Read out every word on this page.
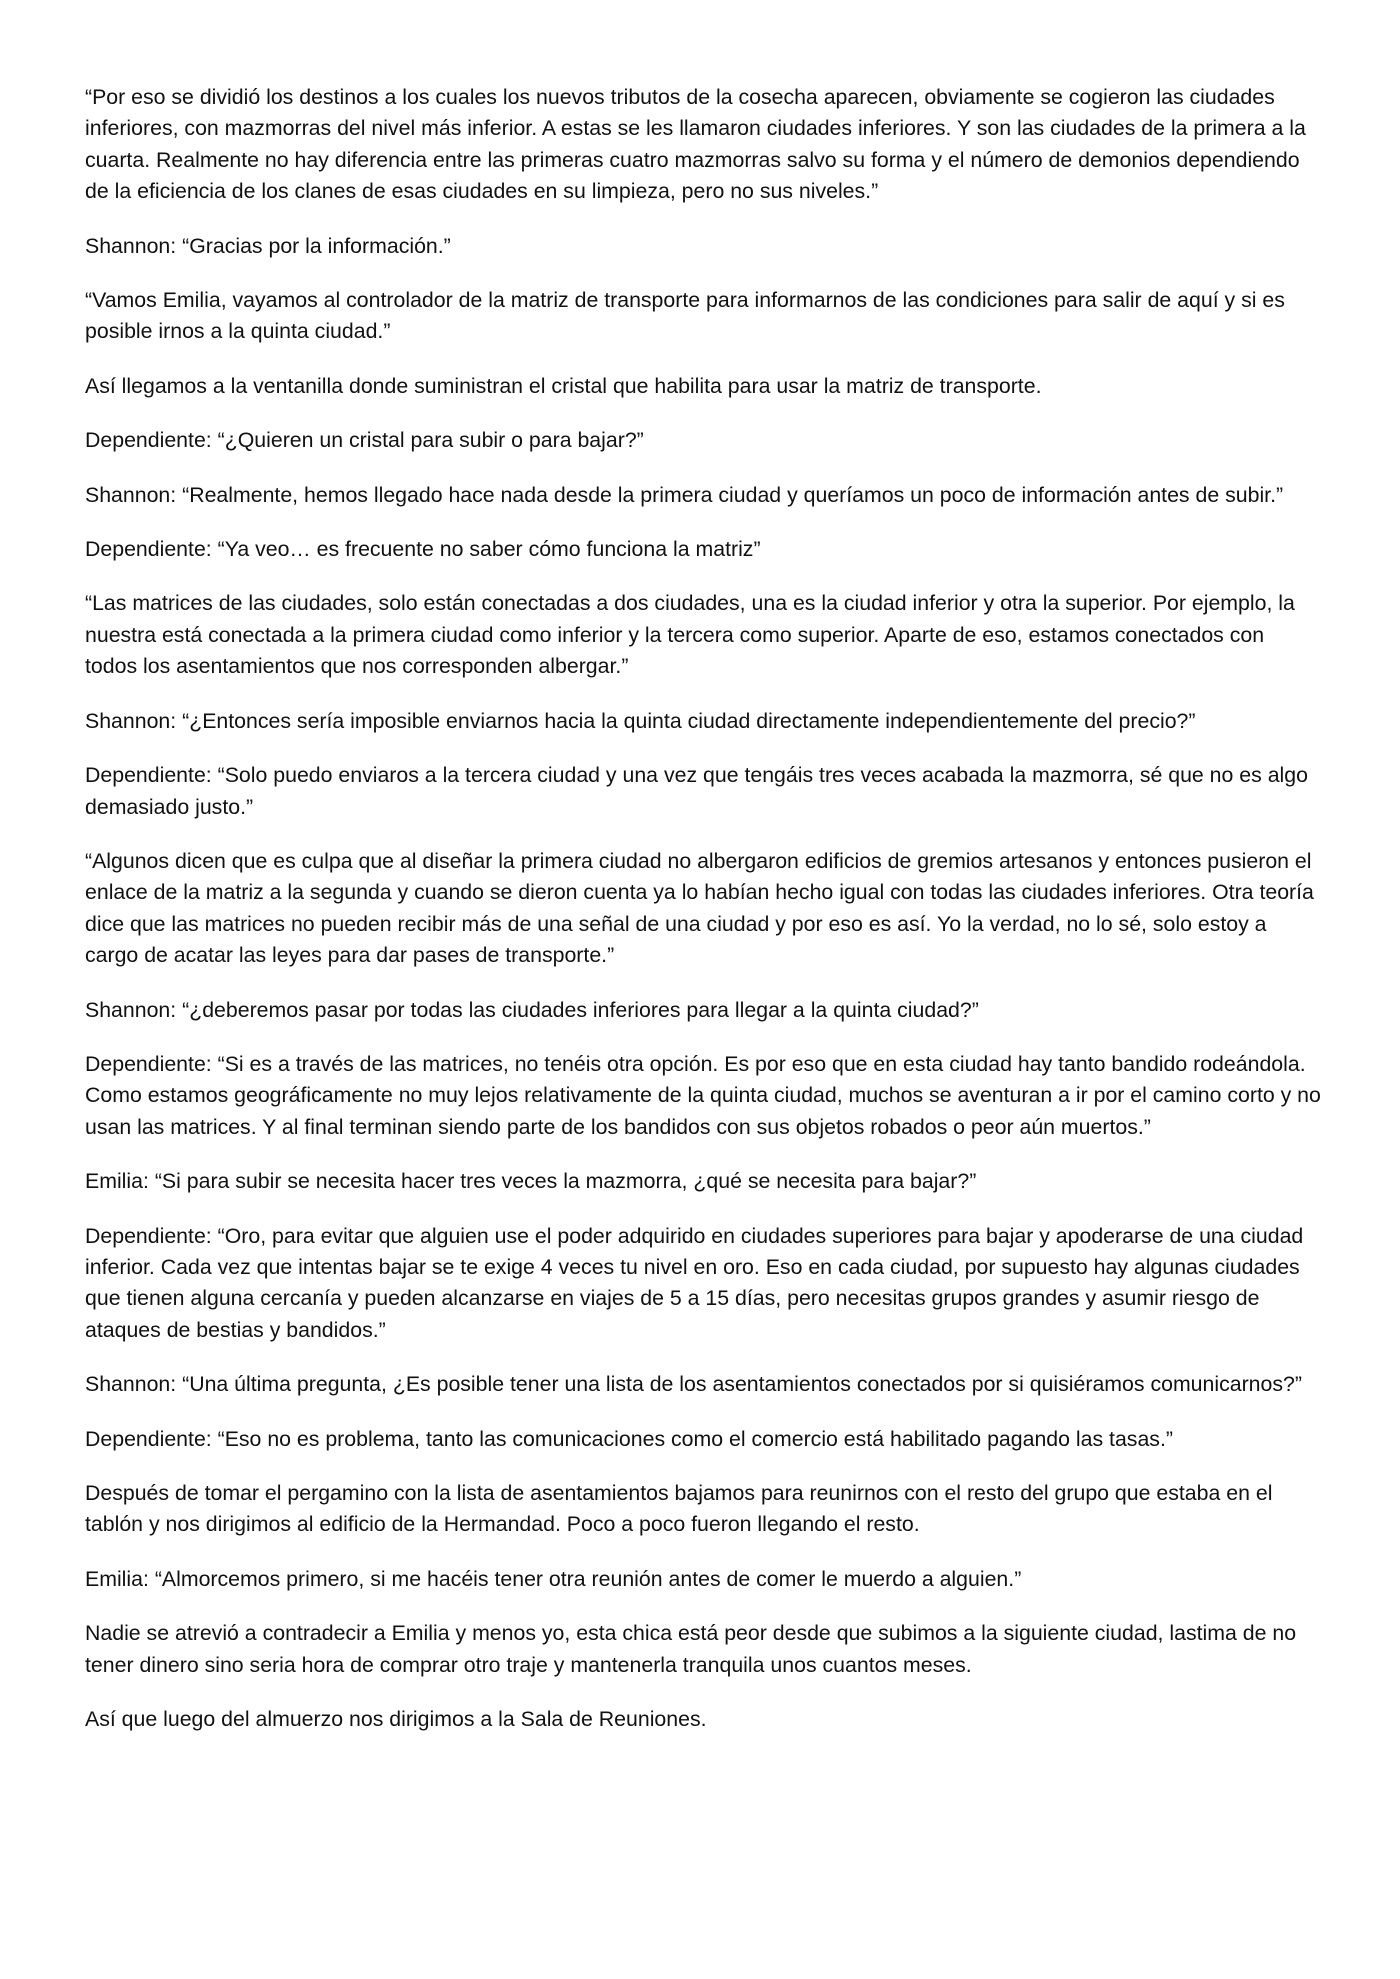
“Por eso se dividió los destinos a los cuales los nuevos tributos de la cosecha aparecen, obviamente se cogieron las ciudades inferiores, con mazmorras del nivel más inferior. A estas se les llamaron ciudades inferiores. Y son las ciudades de la primera a la cuarta. Realmente no hay diferencia entre las primeras cuatro mazmorras salvo su forma y el número de demonios dependiendo de la eficiencia de los clanes de esas ciudades en su limpieza, pero no sus niveles.”

Shannon: “Gracias por la información.”

“Vamos Emilia, vayamos al controlador de la matriz de transporte para informarnos de las condiciones para salir de aquí y si es posible irnos a la quinta ciudad.”

Así llegamos a la ventanilla donde suministran el cristal que habilita para usar la matriz de transporte.

Dependiente: “¿Quieren un cristal para subir o para bajar?”

Shannon: “Realmente, hemos llegado hace nada desde la primera ciudad y queríamos un poco de información antes de subir.”

Dependiente: “Ya veo… es frecuente no saber cómo funciona la matriz”

“Las matrices de las ciudades, solo están conectadas a dos ciudades, una es la ciudad inferior y otra la superior. Por ejemplo, la nuestra está conectada a la primera ciudad como inferior y la tercera como superior. Aparte de eso, estamos conectados con todos los asentamientos que nos corresponden albergar.”

Shannon: “¿Entonces sería imposible enviarnos hacia la quinta ciudad directamente independientemente del precio?”

Dependiente: “Solo puedo enviaros a la tercera ciudad y una vez que tengáis tres veces acabada la mazmorra, sé que no es algo demasiado justo.”

“Algunos dicen que es culpa que al diseñar la primera ciudad no albergaron edificios de gremios artesanos y entonces pusieron el enlace de la matriz a la segunda y cuando se dieron cuenta ya lo habían hecho igual con todas las ciudades inferiores. Otra teoría dice que las matrices no pueden recibir más de una señal de una ciudad y por eso es así. Yo la verdad, no lo sé, solo estoy a cargo de acatar las leyes para dar pases de transporte.”

Shannon: “¿deberemos pasar por todas las ciudades inferiores para llegar a la quinta ciudad?”

Dependiente: “Si es a través de las matrices, no tenéis otra opción. Es por eso que en esta ciudad hay tanto bandido rodeándola. Como estamos geográficamente no muy lejos relativamente de la quinta ciudad, muchos se aventuran a ir por el camino corto y no usan las matrices. Y al final terminan siendo parte de los bandidos con sus objetos robados o peor aún muertos.”

Emilia: “Si para subir se necesita hacer tres veces la mazmorra, ¿qué se necesita para bajar?”

Dependiente: “Oro, para evitar que alguien use el poder adquirido en ciudades superiores para bajar y apoderarse de una ciudad inferior. Cada vez que intentas bajar se te exige 4 veces tu nivel en oro. Eso en cada ciudad, por supuesto hay algunas ciudades que tienen alguna cercanía y pueden alcanzarse en viajes de 5 a 15 días, pero necesitas grupos grandes y asumir riesgo de ataques de bestias y bandidos.”

Shannon: “Una última pregunta, ¿Es posible tener una lista de los asentamientos conectados por si quisiéramos comunicarnos?”

Dependiente: “Eso no es problema, tanto las comunicaciones como el comercio está habilitado pagando las tasas.”

Después de tomar el pergamino con la lista de asentamientos bajamos para reunirnos con el resto del grupo que estaba en el tablón y nos dirigimos al edificio de la Hermandad. Poco a poco fueron llegando el resto.

Emilia: “Almorcemos primero, si me hacéis tener otra reunión antes de comer le muerdo a alguien.”

Nadie se atrevió a contradecir a Emilia y menos yo, esta chica está peor desde que subimos a la siguiente ciudad, lastima de no tener dinero sino seria hora de comprar otro traje y mantenerla tranquila unos cuantos meses.

Así que luego del almuerzo nos dirigimos a la Sala de Reuniones.
